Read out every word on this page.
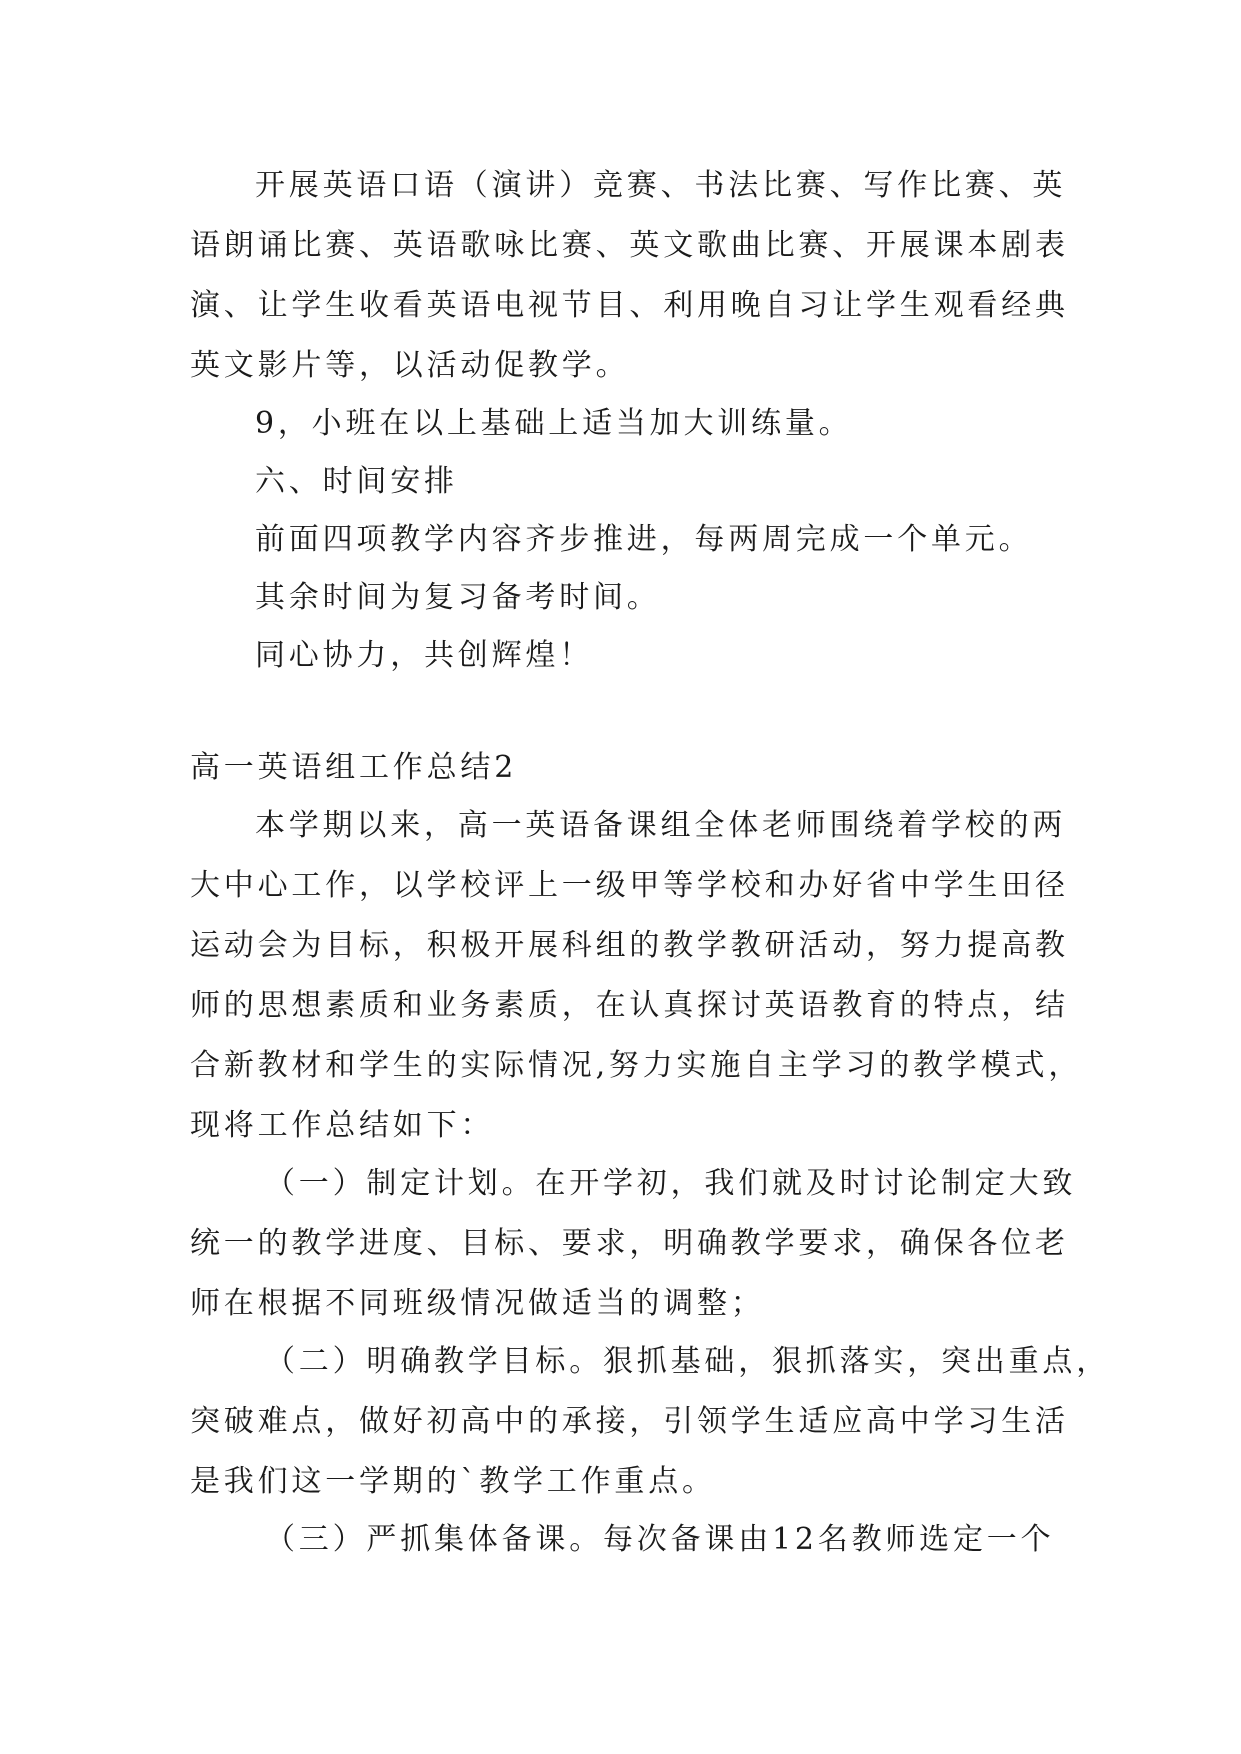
开展英语口语（演讲）竞赛、书法比赛、写作比赛、英
语朗诵比赛、英语歌咏比赛、英文歌曲比赛、开展课本剧表
演、让学生收看英语电视节目、利用晚自习让学生观看经典
英文影片等，以活动促教学。
9，小班在以上基础上适当加大训练量。
六、时间安排
前面四项教学内容齐步推进，每两周完成一个单元。
其余时间为复习备考时间。
同心协力，共创辉煌！
高一英语组工作总结2
本学期以来，高一英语备课组全体老师围绕着学校的两
大中心工作，以学校评上一级甲等学校和办好省中学生田径
运动会为目标，积极开展科组的教学教研活动，努力提高教
师的思想素质和业务素质，在认真探讨英语教育的特点，结
合新教材和学生的实际情况,努力实施自主学习的教学模式，
现将工作总结如下：
（一）制定计划。在开学初，我们就及时讨论制定大致
统一的教学进度、目标、要求，明确教学要求，确保各位老
师在根据不同班级情况做适当的调整；
（二）明确教学目标。狠抓基础，狠抓落实，突出重点，
突破难点，做好初高中的承接，引领学生适应高中学习生活
是我们这一学期的`教学工作重点。
（三）严抓集体备课。每次备课由12名教师选定一个
